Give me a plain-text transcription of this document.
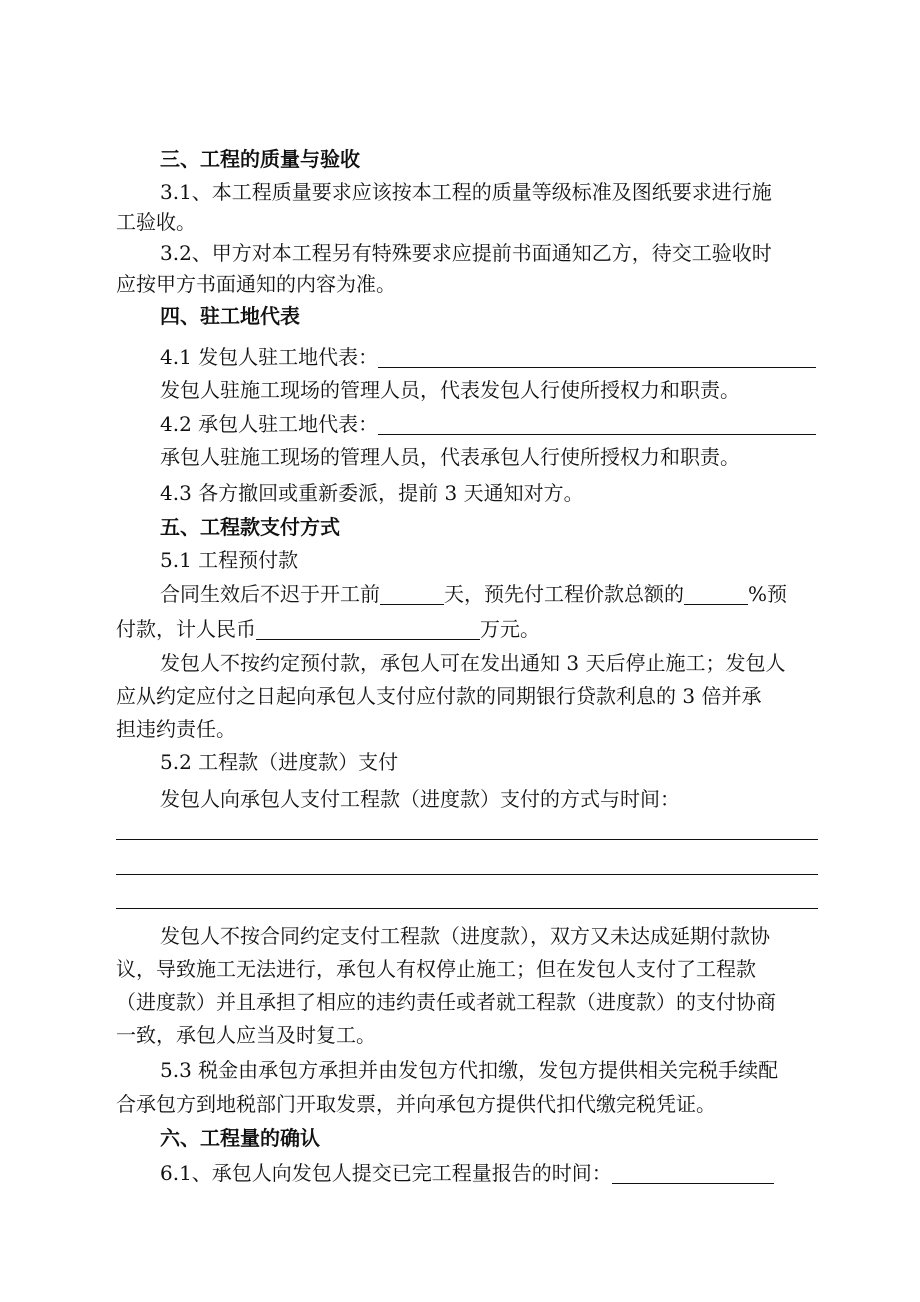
三、工程的质量与验收
3.1、本工程质量要求应该按本工程的质量等级标准及图纸要求进行施
工验收。
3.2、甲方对本工程另有特殊要求应提前书面通知乙方，待交工验收时
应按甲方书面通知的内容为准。
四、驻工地代表
4.1 发包人驻工地代表：
发包人驻施工现场的管理人员，代表发包人行使所授权力和职责。
4.2 承包人驻工地代表：
承包人驻施工现场的管理人员，代表承包人行使所授权力和职责。
4.3 各方撤回或重新委派，提前 3 天通知对方。
五、工程款支付方式
5.1 工程预付款
合同生效后不迟于开工前	天，预先付工程价款总额的	%预
付款，计人民币	万元。
发包人不按约定预付款，承包人可在发出通知 3 天后停止施工；发包人
应从约定应付之日起向承包人支付应付款的同期银行贷款利息的 3 倍并承
担违约责任。
5.2 工程款（进度款）支付
发包人向承包人支付工程款（进度款）支付的方式与时间：
发包人不按合同约定支付工程款（进度款），双方又未达成延期付款协
议，导致施工无法进行，承包人有权停止施工；但在发包人支付了工程款
（进度款）并且承担了相应的违约责任或者就工程款（进度款）的支付协商
一致，承包人应当及时复工。
5.3 税金由承包方承担并由发包方代扣缴，发包方提供相关完税手续配
合承包方到地税部门开取发票，并向承包方提供代扣代缴完税凭证。
六、工程量的确认
6.1、承包人向发包人提交已完工程量报告的时间：
